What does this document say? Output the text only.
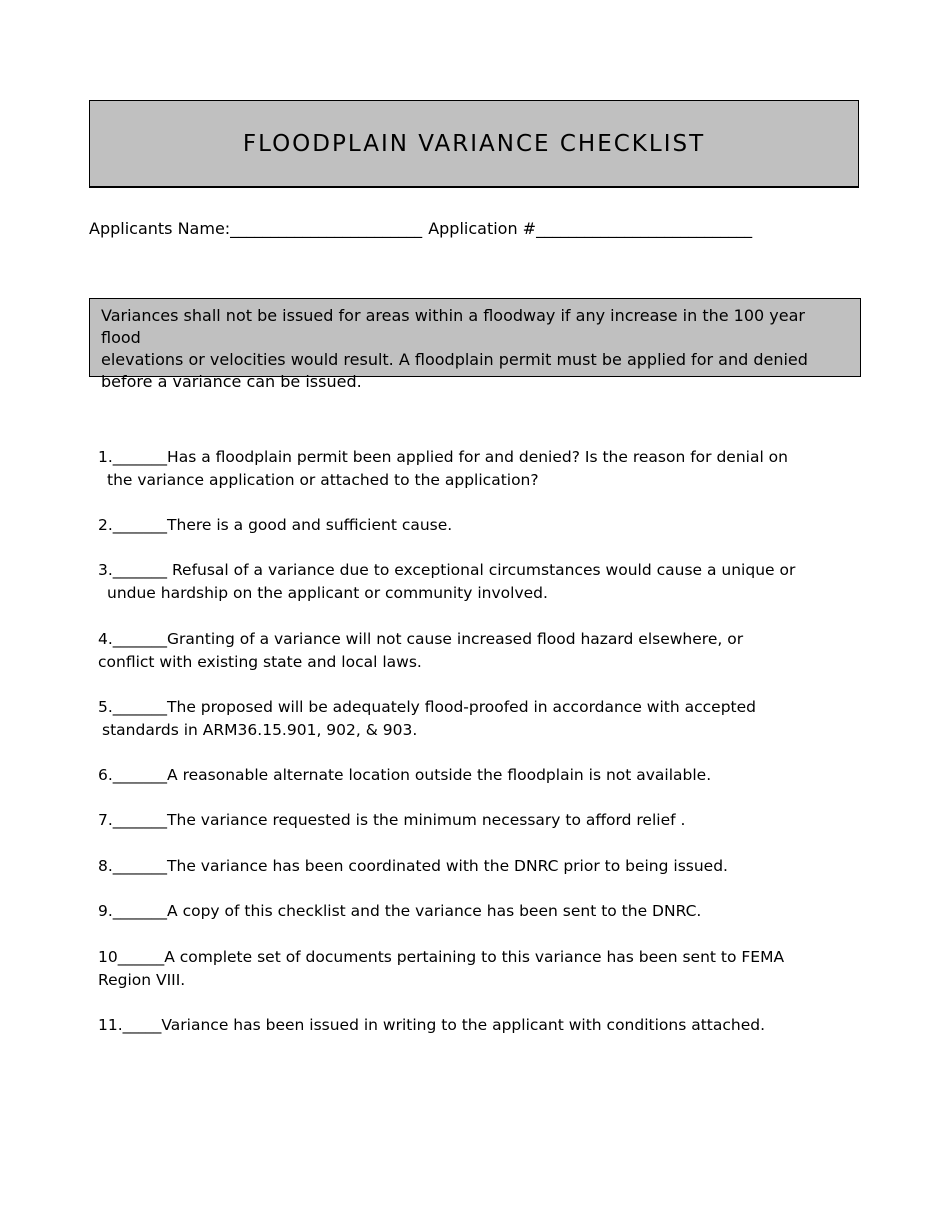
FLOODPLAIN VARIANCE CHECKLIST
Applicants Name:________________________ Application #___________________________
Variances shall not be issued for areas within a floodway if any increase in the 100 year flood
elevations or velocities would result. A floodplain permit must be applied for and denied
before a variance can be issued.
1._______Has a floodplain permit been applied for and denied? Is the reason for denial on
the variance application or attached to the application?
2._______There is a good and sufficient cause.
3._______ Refusal of a variance due to exceptional circumstances would cause a unique or
undue hardship on the applicant or community involved.
4._______Granting of a variance will not cause increased flood hazard elsewhere, or
conflict with existing state and local laws.
5._______The proposed will be adequately flood-proofed in accordance with accepted
standards in ARM36.15.901, 902, & 903.
6._______A reasonable alternate location outside the floodplain is not available.
7._______The variance requested is the minimum necessary to afford relief .
8._______The variance has been coordinated with the DNRC prior to being issued.
9._______A copy of this checklist and the variance has been sent to the DNRC.
10______A complete set of documents pertaining to this variance has been sent to FEMA
Region VIII.
11._____Variance has been issued in writing to the applicant with conditions attached.
